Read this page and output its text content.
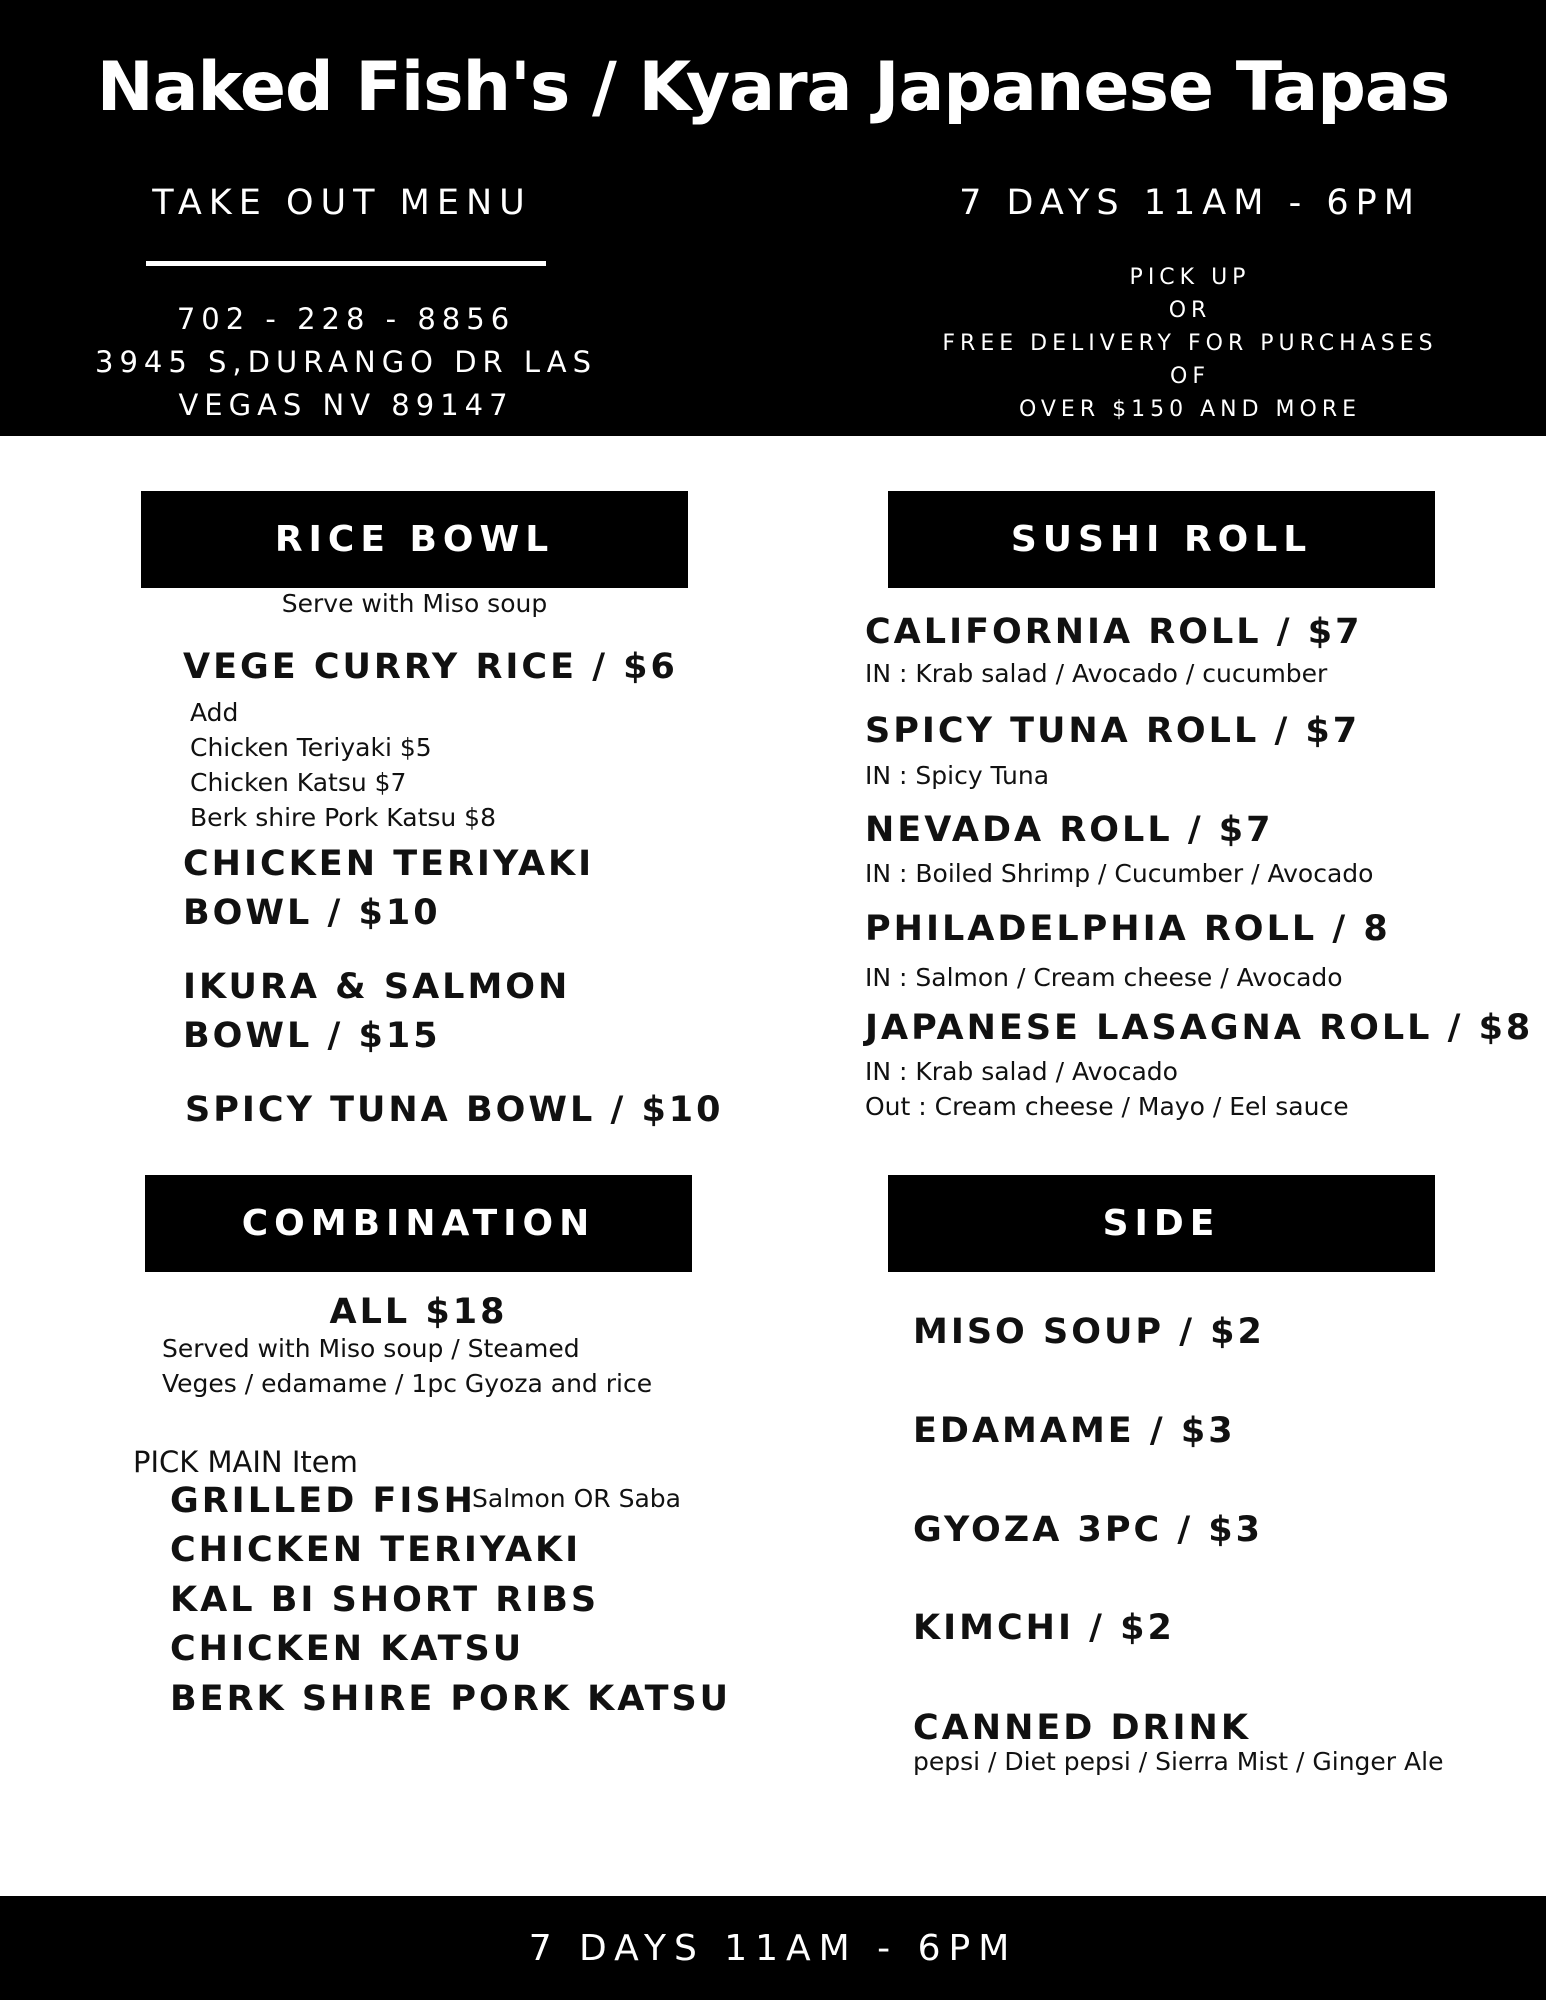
Naked Fish's / Kyara Japanese Tapas
TAKE OUT MENU
702 - 228 - 8856
3945 S,DURANGO DR LAS
VEGAS NV 89147
7 DAYS 11AM - 6PM
PICK UP
OR
FREE DELIVERY FOR PURCHASES
OF
OVER $150 AND MORE
RICE BOWL
Serve with Miso soup
VEGE CURRY RICE / $6
Add
Chicken Teriyaki $5
Chicken Katsu $7
Berk shire Pork Katsu $8
CHICKEN TERIYAKI
BOWL / $10
IKURA & SALMON
BOWL / $15
SPICY TUNA BOWL / $10
SUSHI ROLL
CALIFORNIA ROLL / $7
IN : Krab salad / Avocado / cucumber
SPICY TUNA ROLL / $7
IN : Spicy Tuna
NEVADA ROLL / $7
IN : Boiled Shrimp / Cucumber / Avocado
PHILADELPHIA ROLL / 8
IN : Salmon / Cream cheese / Avocado
JAPANESE LASAGNA ROLL / $8
IN : Krab salad / Avocado
Out : Cream cheese / Mayo / Eel sauce
COMBINATION
ALL $18
Served with Miso soup / Steamed
Veges / edamame / 1pc Gyoza and rice
PICK MAIN Item
GRILLED FISH
Salmon OR Saba
CHICKEN TERIYAKI
KAL BI SHORT RIBS
CHICKEN KATSU
BERK SHIRE PORK KATSU
SIDE
MISO SOUP / $2
EDAMAME / $3
GYOZA 3PC / $3
KIMCHI / $2
CANNED DRINK
pepsi / Diet pepsi / Sierra Mist / Ginger Ale
7 DAYS 11AM - 6PM
